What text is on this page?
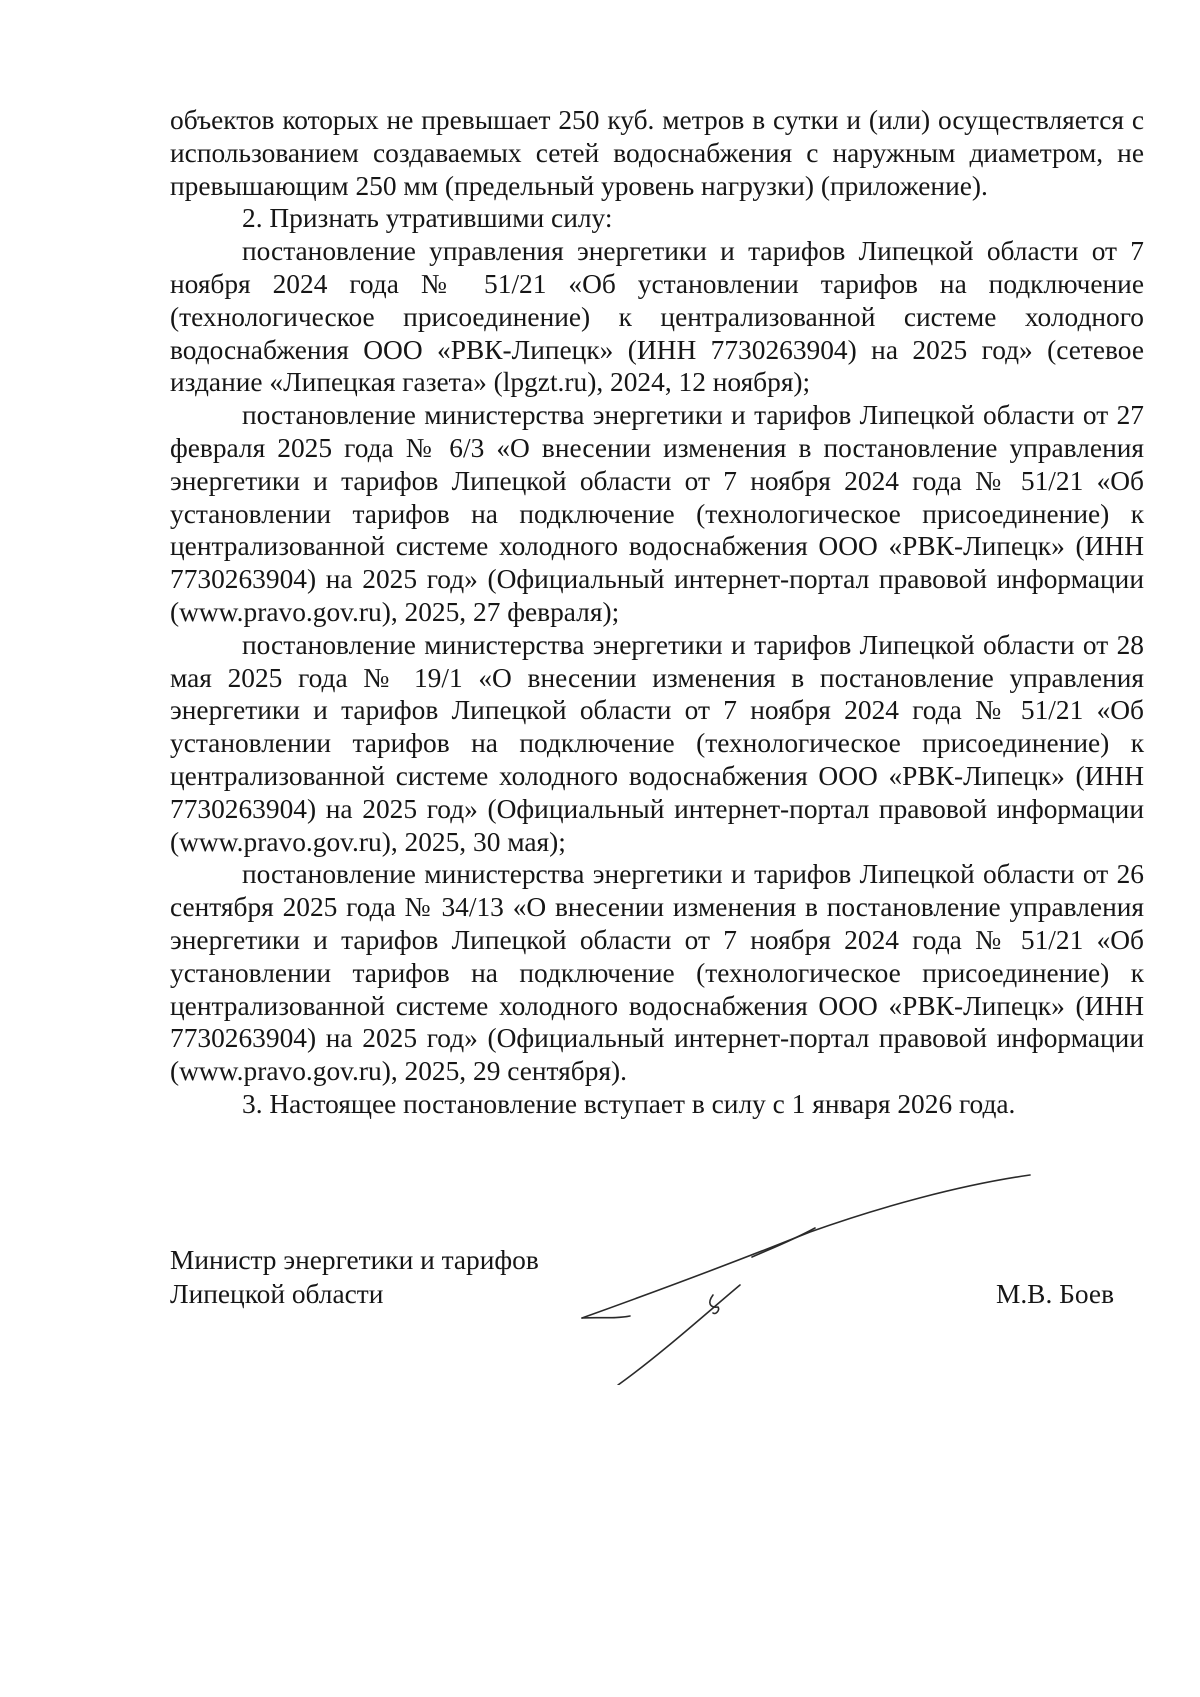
объектов которых не превышает 250 куб. метров в сутки и (или) осуществляется с использованием создаваемых сетей водоснабжения с наружным диаметром, не превышающим 250 мм (предельный уровень нагрузки) (приложение).

2. Признать утратившими силу:

постановление управления энергетики и тарифов Липецкой области от 7 ноября 2024 года № 51/21 «Об установлении тарифов на подключение (технологическое присоединение) к централизованной системе холодного водоснабжения ООО «РВК-Липецк» (ИНН 7730263904) на 2025 год» (сетевое издание «Липецкая газета» (lpgzt.ru), 2024, 12 ноября);

постановление министерства энергетики и тарифов Липецкой области от 27 февраля 2025 года № 6/3 «О внесении изменения в постановление управления энергетики и тарифов Липецкой области от 7 ноября 2024 года № 51/21 «Об установлении тарифов на подключение (технологическое присоединение) к централизованной системе холодного водоснабжения ООО «РВК-Липецк» (ИНН 7730263904) на 2025 год» (Официальный интернет-портал правовой информации (www.pravo.gov.ru), 2025, 27 февраля);

постановление министерства энергетики и тарифов Липецкой области от 28 мая 2025 года № 19/1 «О внесении изменения в постановление управления энергетики и тарифов Липецкой области от 7 ноября 2024 года № 51/21 «Об установлении тарифов на подключение (технологическое присоединение) к централизованной системе холодного водоснабжения ООО «РВК-Липецк» (ИНН 7730263904) на 2025 год» (Официальный интернет-портал правовой информации (www.pravo.gov.ru), 2025, 30 мая);

постановление министерства энергетики и тарифов Липецкой области от 26 сентября 2025 года № 34/13 «О внесении изменения в постановление управления энергетики и тарифов Липецкой области от 7 ноября 2024 года № 51/21 «Об установлении тарифов на подключение (технологическое присоединение) к централизованной системе холодного водоснабжения ООО «РВК-Липецк» (ИНН 7730263904) на 2025 год» (Официальный интернет-портал правовой информации (www.pravo.gov.ru), 2025, 29 сентября).

3. Настоящее постановление вступает в силу с 1 января 2026 года.

Министр энергетики и тарифов
Липецкой области	М.В. Боев
